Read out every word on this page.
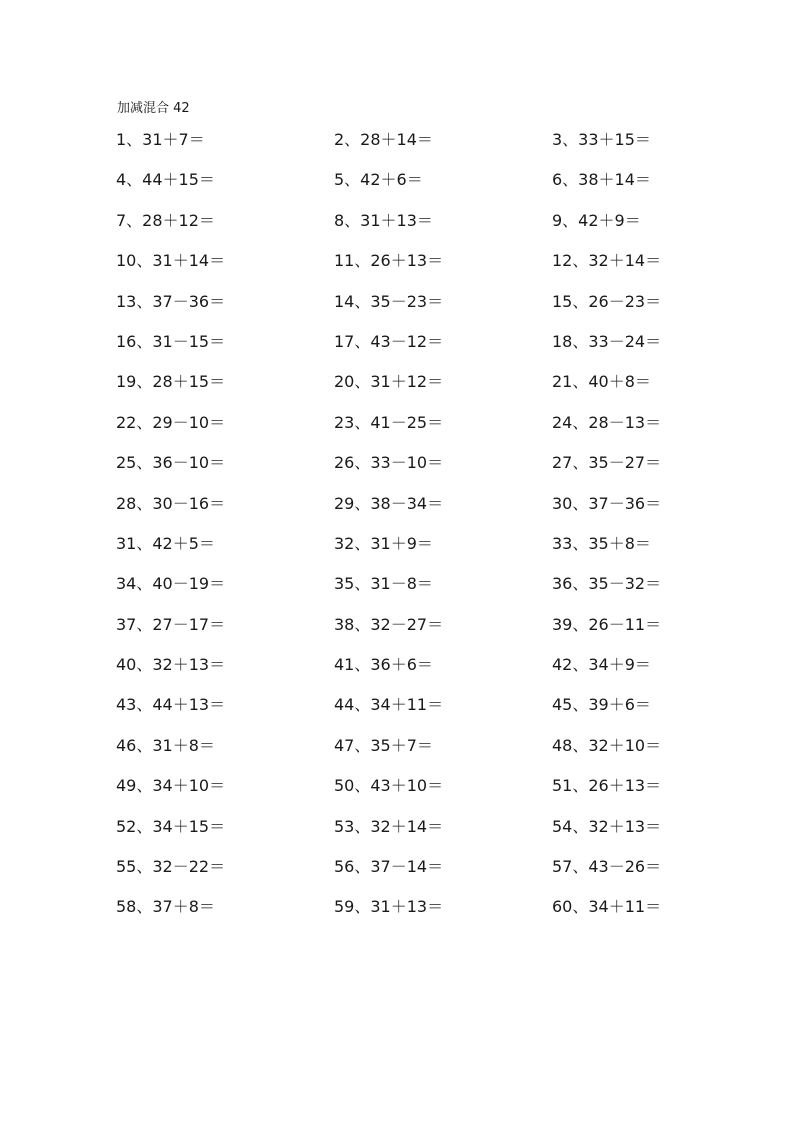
加减混合 42
1、31＋7＝	2、28＋14＝	3、33＋15＝
4、44＋15＝	5、42＋6＝	6、38＋14＝
7、28＋12＝	8、31＋13＝	9、42＋9＝
10、31＋14＝	11、26＋13＝	12、32＋14＝
13、37－36＝	14、35－23＝	15、26－23＝
16、31－15＝	17、43－12＝	18、33－24＝
19、28＋15＝	20、31＋12＝	21、40＋8＝
22、29－10＝	23、41－25＝	24、28－13＝
25、36－10＝	26、33－10＝	27、35－27＝
28、30－16＝	29、38－34＝	30、37－36＝
31、42＋5＝	32、31＋9＝	33、35＋8＝
34、40－19＝	35、31－8＝	36、35－32＝
37、27－17＝	38、32－27＝	39、26－11＝
40、32＋13＝	41、36＋6＝	42、34＋9＝
43、44＋13＝	44、34＋11＝	45、39＋6＝
46、31＋8＝	47、35＋7＝	48、32＋10＝
49、34＋10＝	50、43＋10＝	51、26＋13＝
52、34＋15＝	53、32＋14＝	54、32＋13＝
55、32－22＝	56、37－14＝	57、43－26＝
58、37＋8＝	59、31＋13＝	60、34＋11＝
